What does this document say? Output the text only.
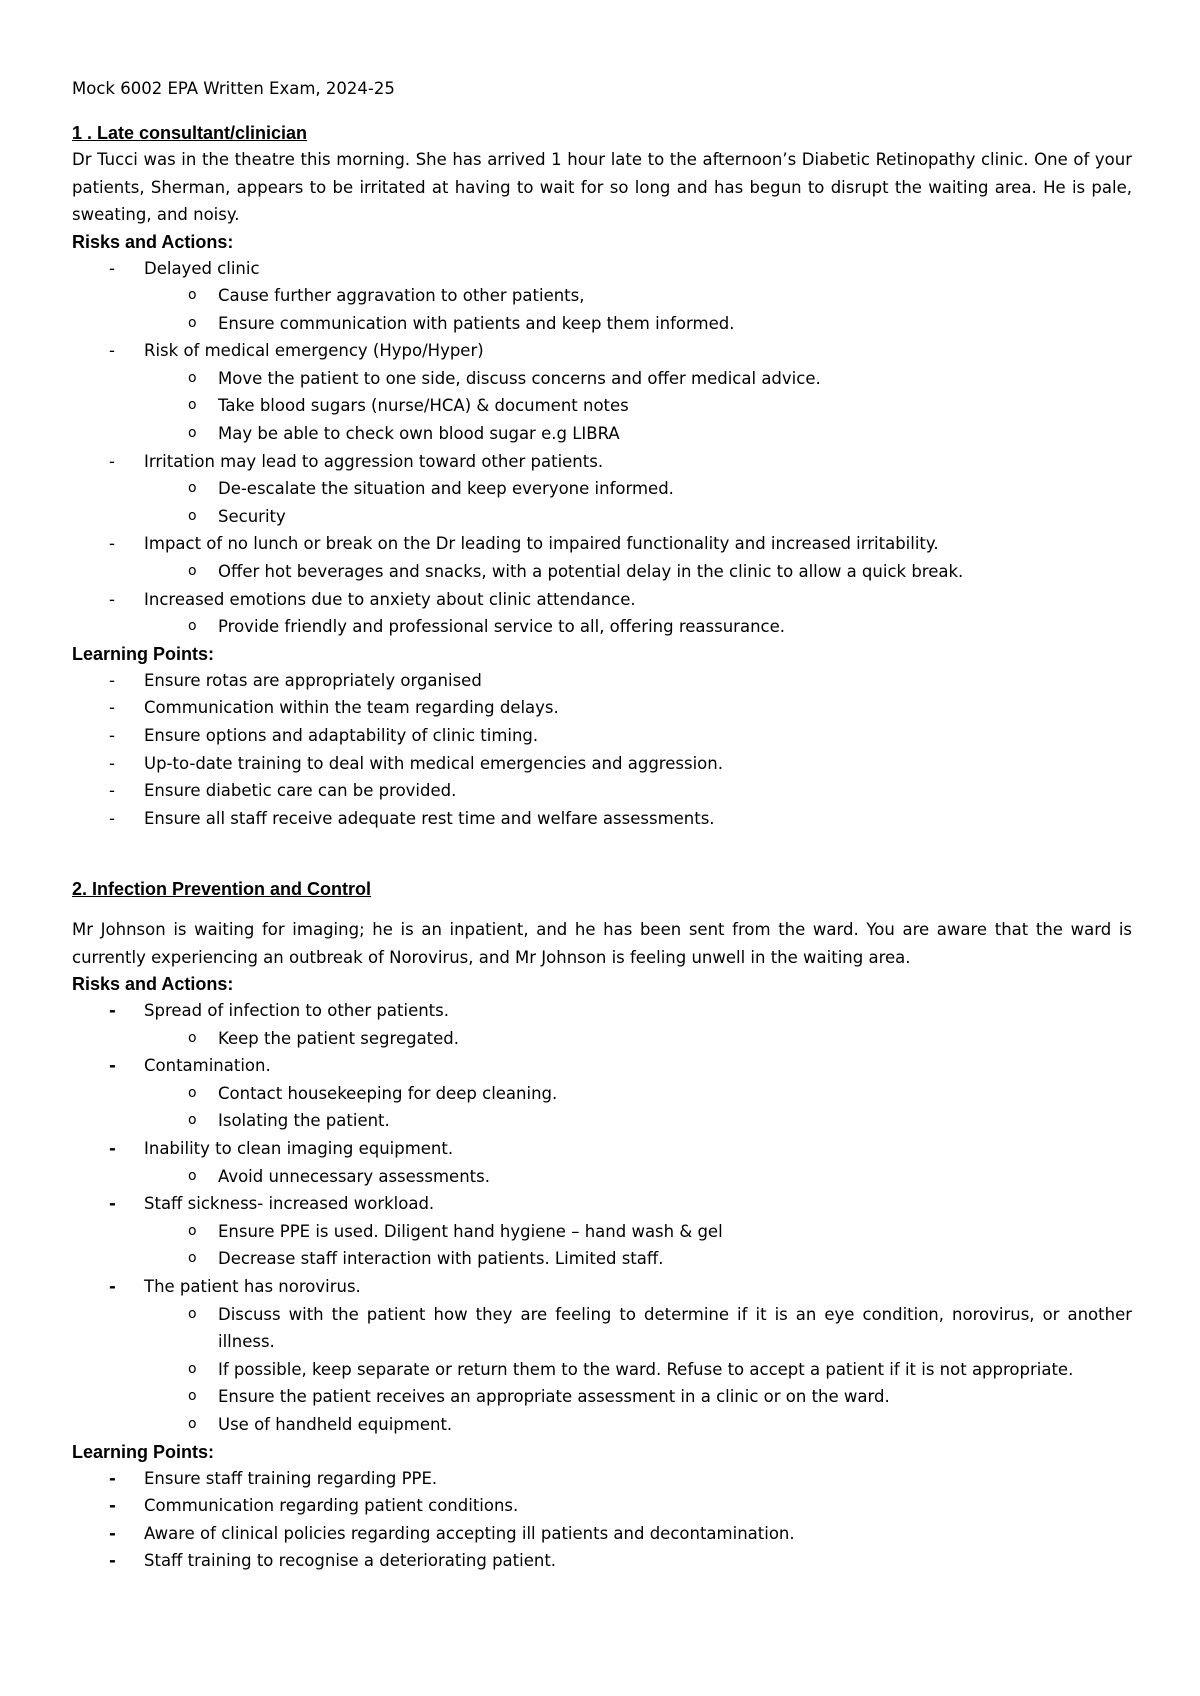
Mock 6002 EPA Written Exam, 2024-25
1 . Late consultant/clinician

Dr Tucci was in the theatre this morning. She has arrived 1 hour late to the afternoon’s Diabetic Retinopathy clinic. One of your patients, Sherman, appears to be irritated at having to wait for so long and has begun to disrupt the waiting area. He is pale, sweating, and noisy.

Risks and Actions:
- Delayed clinic
o Cause further aggravation to other patients,
o Ensure communication with patients and keep them informed.
- Risk of medical emergency (Hypo/Hyper)
o Move the patient to one side, discuss concerns and offer medical advice.
o Take blood sugars (nurse/HCA) & document notes
o May be able to check own blood sugar e.g LIBRA
- Irritation may lead to aggression toward other patients.
o De-escalate the situation and keep everyone informed.
o Security
- Impact of no lunch or break on the Dr leading to impaired functionality and increased irritability.
o Offer hot beverages and snacks, with a potential delay in the clinic to allow a quick break.
- Increased emotions due to anxiety about clinic attendance.
o Provide friendly and professional service to all, offering reassurance.
Learning Points:
- Ensure rotas are appropriately organised
- Communication within the team regarding delays.
- Ensure options and adaptability of clinic timing.
- Up-to-date training to deal with medical emergencies and aggression.
- Ensure diabetic care can be provided.
- Ensure all staff receive adequate rest time and welfare assessments.
2. Infection Prevention and Control

Mr Johnson is waiting for imaging; he is an inpatient, and he has been sent from the ward. You are aware that the ward is currently experiencing an outbreak of Norovirus, and Mr Johnson is feeling unwell in the waiting area.

Risks and Actions:
- Spread of infection to other patients.
o Keep the patient segregated.
- Contamination.
o Contact housekeeping for deep cleaning.
o Isolating the patient.
- Inability to clean imaging equipment.
o Avoid unnecessary assessments.
- Staff sickness- increased workload.
o Ensure PPE is used. Diligent hand hygiene – hand wash & gel
o Decrease staff interaction with patients. Limited staff.
- The patient has norovirus.
o Discuss with the patient how they are feeling to determine if it is an eye condition, norovirus, or another illness.
o If possible, keep separate or return them to the ward. Refuse to accept a patient if it is not appropriate.
o Ensure the patient receives an appropriate assessment in a clinic or on the ward.
o Use of handheld equipment.
Learning Points:
- Ensure staff training regarding PPE.
- Communication regarding patient conditions.
- Aware of clinical policies regarding accepting ill patients and decontamination.
- Staff training to recognise a deteriorating patient.
